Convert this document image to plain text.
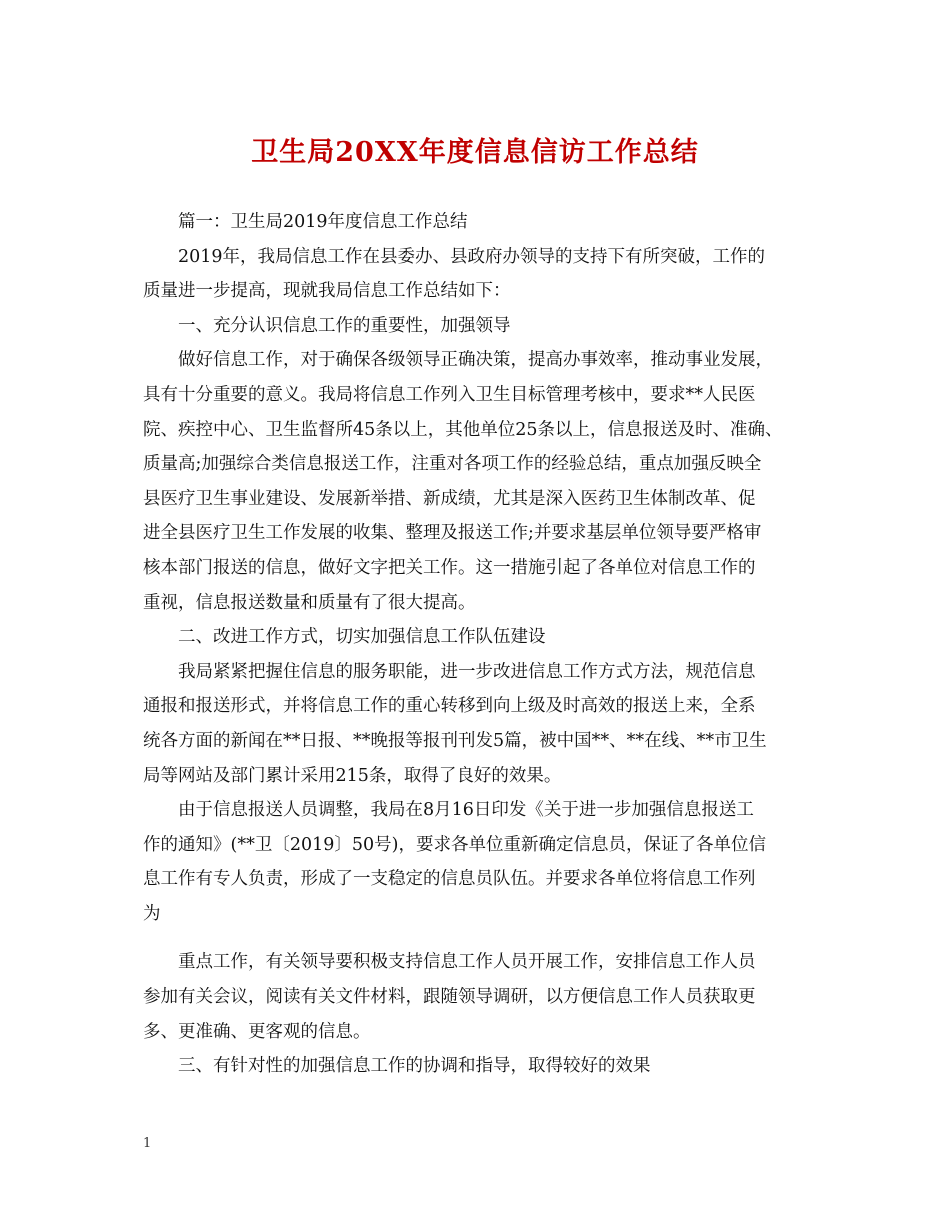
卫生局20XX年度信息信访工作总结
篇一：卫生局2019年度信息工作总结
2019年，我局信息工作在县委办、县政府办领导的支持下有所突破，工作的
质量进一步提高，现就我局信息工作总结如下：
一、充分认识信息工作的重要性，加强领导
做好信息工作，对于确保各级领导正确决策，提高办事效率，推动事业发展，
具有十分重要的意义。我局将信息工作列入卫生目标管理考核中，要求**人民医
院、疾控中心、卫生监督所45条以上，其他单位25条以上，信息报送及时、准确、
质量高;加强综合类信息报送工作，注重对各项工作的经验总结，重点加强反映全
县医疗卫生事业建设、发展新举措、新成绩，尤其是深入医药卫生体制改革、促
进全县医疗卫生工作发展的收集、整理及报送工作;并要求基层单位领导要严格审
核本部门报送的信息，做好文字把关工作。这一措施引起了各单位对信息工作的
重视，信息报送数量和质量有了很大提高。
二、改进工作方式，切实加强信息工作队伍建设
我局紧紧把握住信息的服务职能，进一步改进信息工作方式方法，规范信息
通报和报送形式，并将信息工作的重心转移到向上级及时高效的报送上来，全系
统各方面的新闻在**日报、**晚报等报刊刊发5篇，被中国**、**在线、**市卫生
局等网站及部门累计采用215条，取得了良好的效果。
由于信息报送人员调整，我局在8月16日印发《关于进一步加强信息报送工
作的通知》(**卫〔2019〕50号)，要求各单位重新确定信息员，保证了各单位信
息工作有专人负责，形成了一支稳定的信息员队伍。并要求各单位将信息工作列
为
重点工作，有关领导要积极支持信息工作人员开展工作，安排信息工作人员
参加有关会议，阅读有关文件材料，跟随领导调研，以方便信息工作人员获取更
多、更准确、更客观的信息。
三、有针对性的加强信息工作的协调和指导，取得较好的效果
1
